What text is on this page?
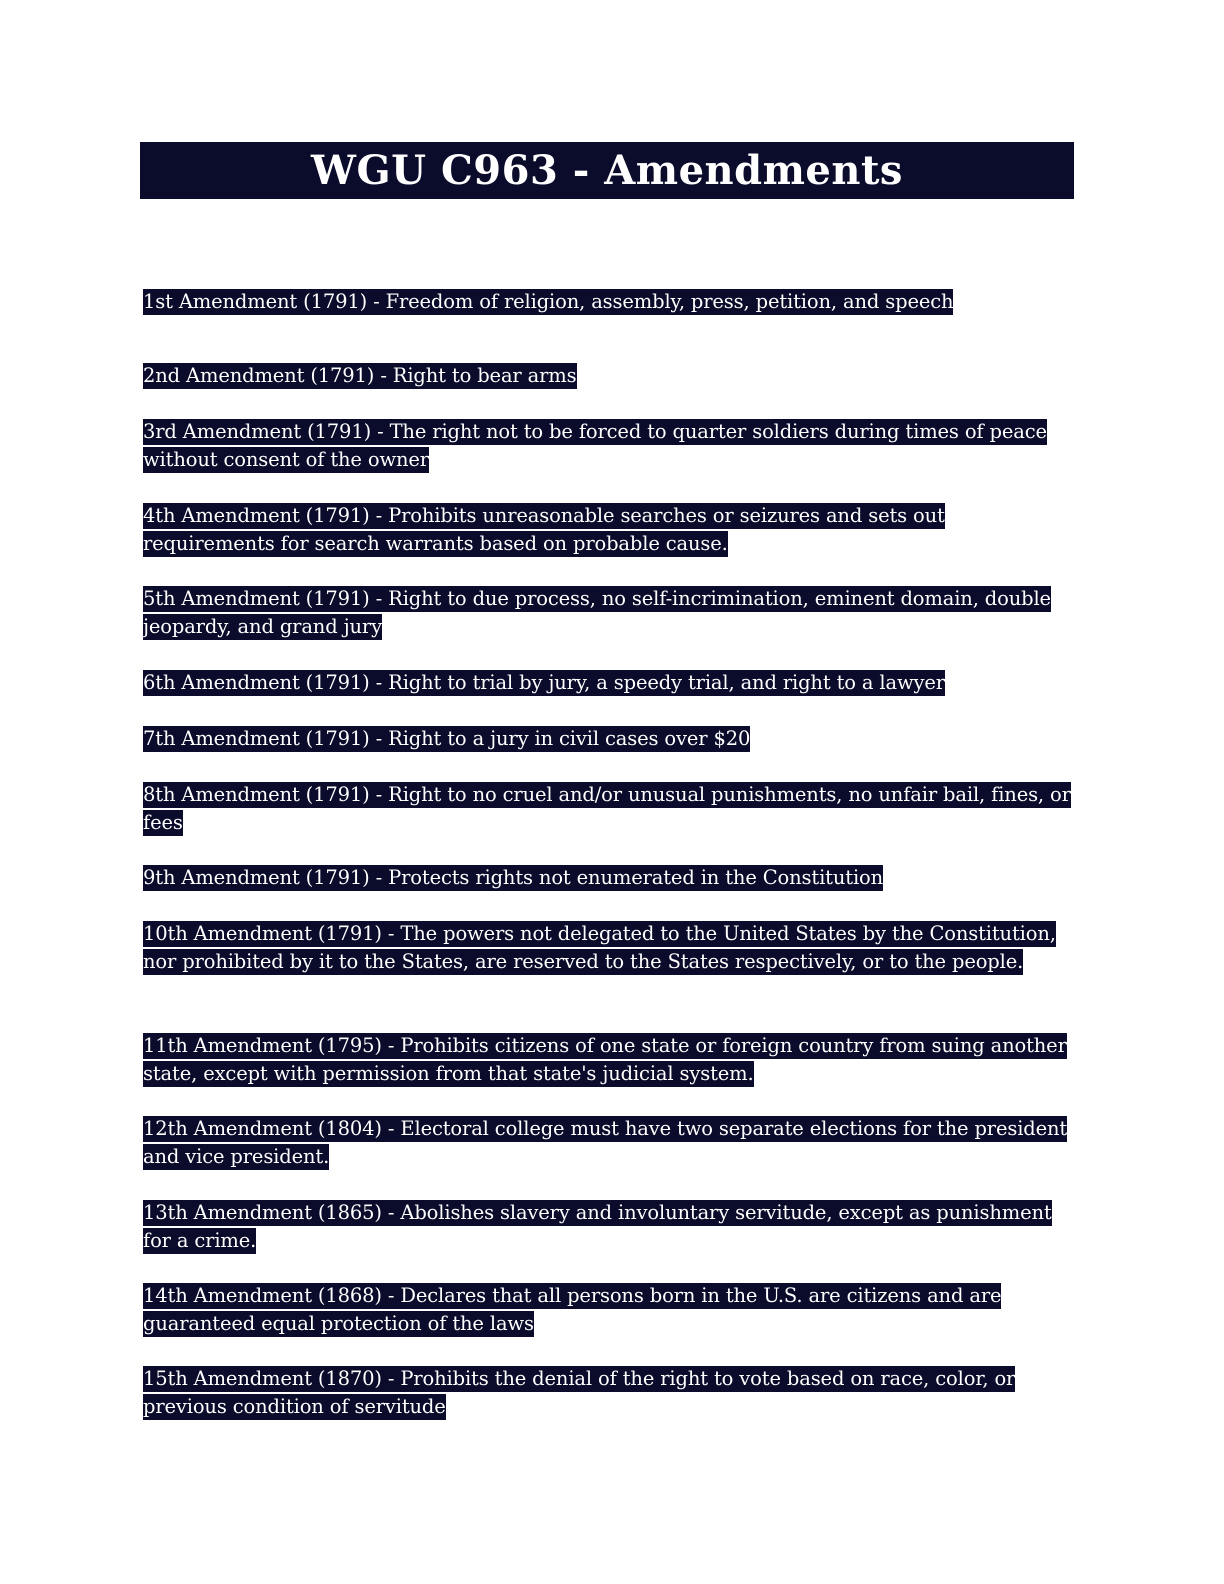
WGU C963 - Amendments
1st Amendment (1791) - Freedom of religion, assembly, press, petition, and speech
2nd Amendment (1791) - Right to bear arms
3rd Amendment (1791) - The right not to be forced to quarter soldiers during times of peace without consent of the owner
4th Amendment (1791) - Prohibits unreasonable searches or seizures and sets out requirements for search warrants based on probable cause.
5th Amendment (1791) - Right to due process, no self-incrimination, eminent domain, double jeopardy, and grand jury
6th Amendment (1791) - Right to trial by jury, a speedy trial, and right to a lawyer
7th Amendment (1791) - Right to a jury in civil cases over $20
8th Amendment (1791) - Right to no cruel and/or unusual punishments, no unfair bail, fines, or fees
9th Amendment (1791) - Protects rights not enumerated in the Constitution
10th Amendment (1791) - The powers not delegated to the United States by the Constitution, nor prohibited by it to the States, are reserved to the States respectively, or to the people.
11th Amendment (1795) - Prohibits citizens of one state or foreign country from suing another state, except with permission from that state's judicial system.
12th Amendment (1804) - Electoral college must have two separate elections for the president and vice president.
13th Amendment (1865) - Abolishes slavery and involuntary servitude, except as punishment for a crime.
14th Amendment (1868) - Declares that all persons born in the U.S. are citizens and are guaranteed equal protection of the laws
15th Amendment (1870) - Prohibits the denial of the right to vote based on race, color, or previous condition of servitude
